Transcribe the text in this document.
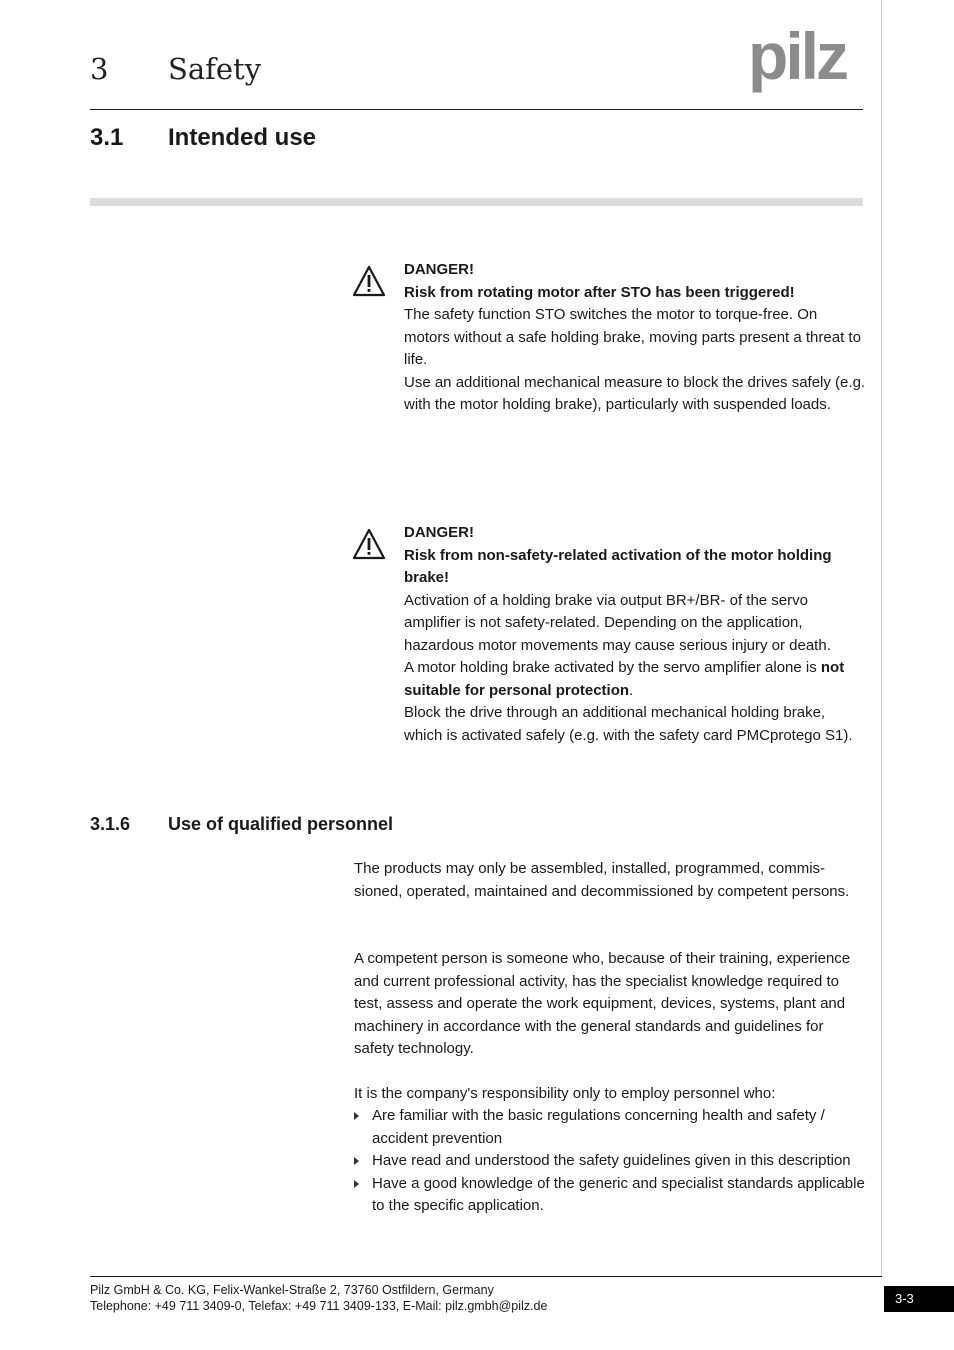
3 Safety	pilz
3.1 Intended use

DANGER!

Risk from rotating motor after STO has been triggered!

The safety function STO switches the motor to torque-free. On motors without a safe holding brake, moving parts present a threat to life.

Use an additional mechanical measure to block the drives safely (e.g. with the motor holding brake), particularly with suspended loads.

DANGER!

Risk from non-safety-related activation of the motor holding brake!

Activation of a holding brake via output BR+/BR- of the servo amplifier is not safety-related. Depending on the application, hazardous motor movements may cause serious injury or death.

A motor holding brake activated by the servo amplifier alone is not suitable for personal protection.

Block the drive through an additional mechanical holding brake, which is activated safely (e.g. with the safety card PMCprotego S1).

3.1.6 Use of qualified personnel

The products may only be assembled, installed, programmed, commissioned, operated, maintained and decommissioned by competent persons.

A competent person is someone who, because of their training, experience and current professional activity, has the specialist knowledge required to test, assess and operate the work equipment, devices, systems, plant and machinery in accordance with the general standards and guidelines for safety technology.

It is the company's responsibility only to employ personnel who:

Are familiar with the basic regulations concerning health and safety / accident prevention
Have read and understood the safety guidelines given in this description
Have a good knowledge of the generic and specialist standards applicable to the specific application.
Pilz GmbH & Co. KG, Felix-Wankel-Straße 2, 73760 Ostfildern, Germany
Telephone: +49 711 3409-0, Telefax: +49 711 3409-133, E-Mail: pilz.gmbh@pilz.de	3-3
